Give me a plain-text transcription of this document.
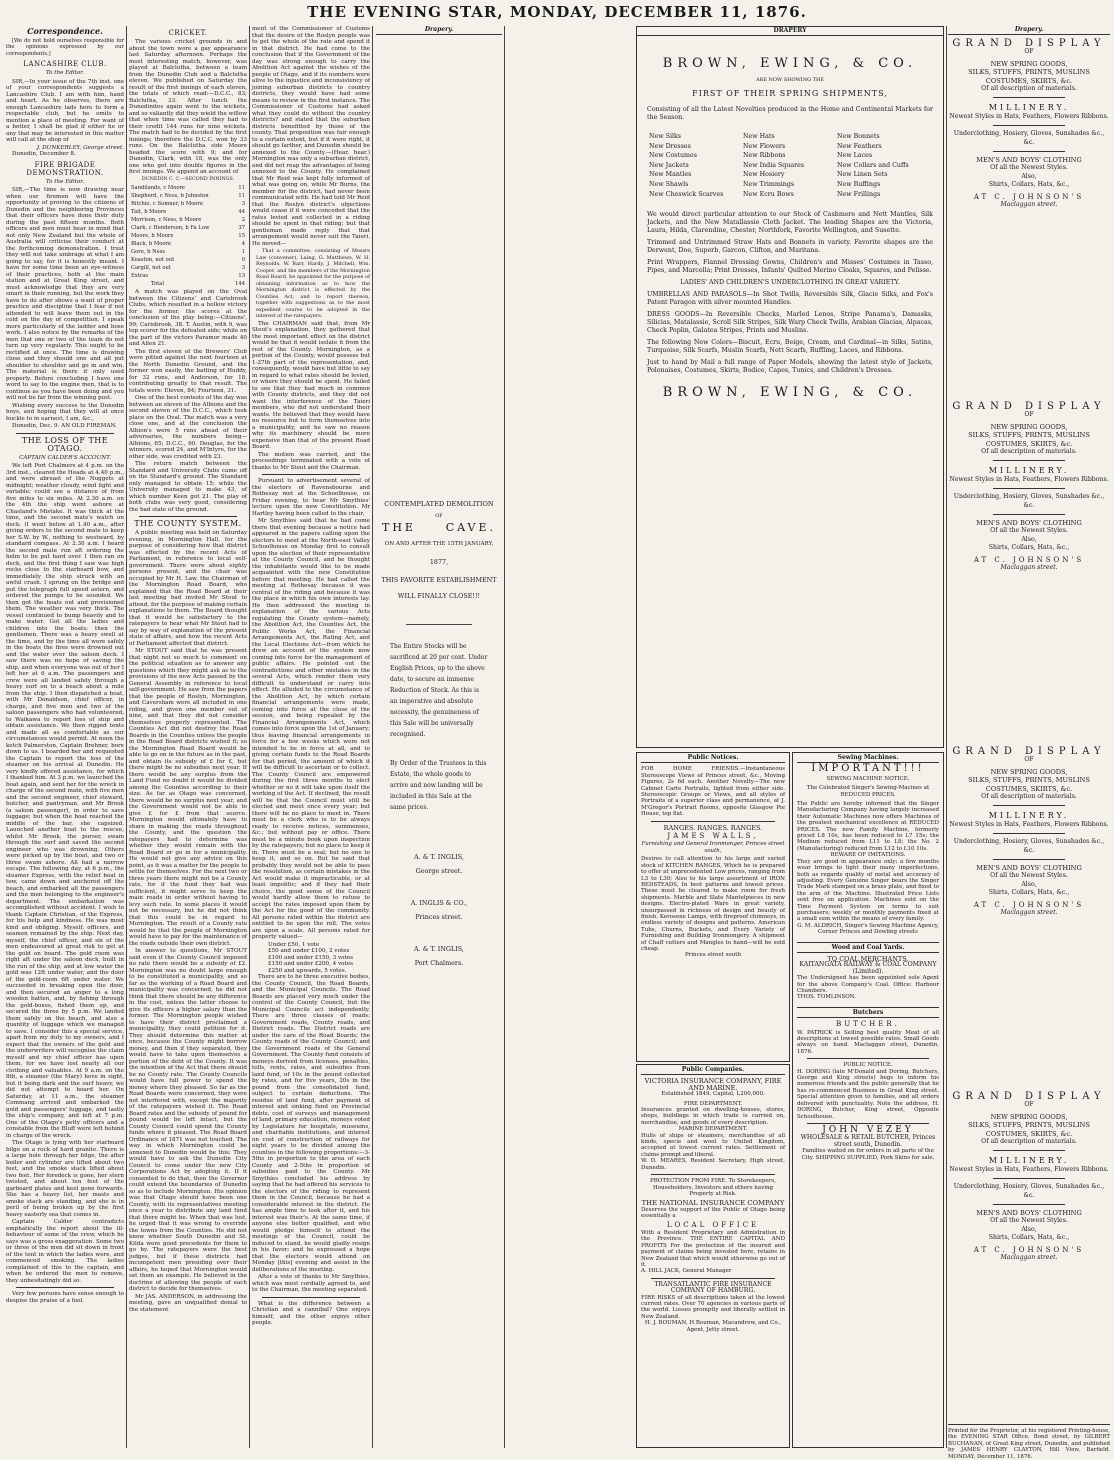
THE EVENING STAR, MONDAY, DECEMBER 11, 1876.
Correspondence.

[We do not hold ourselves responsible for the opinions expressed by our correspondents.]

LANCASHIRE CLUB.
To the Editor.

SIR,—In your issue of the 7th inst. one of your correspondents suggests a Lancashire Club. I am with him, hand and heart. As he observes, there are enough Lancashire lads here to form a respectable club, but he omits to mention a place of meeting. For want of a better, I shall be glad if either he or any that may be interested in this matter will call at the shop of

J. DUNKERLEY, George street.

Dunedin, December 8.

FIRE BRIGADE DEMONSTRATION.
To the Editor.

SIR,—The time is now drawing near when our firemen will have the opportunity of proving to the citizens of Dunedin and the neighboring Provinces that their officers have done their duty during the past fifteen months. Both officers and men must bear in mind that not only New Zealand but the whole of Australia will criticise their conduct at the forthcoming demonstration. I trust they will not take umbrage at what I am going to say, for it is honestly meant. I have for some time been an eye-witness of their practices, both at the main station and at Great King street, and must acknowledge that they are very smart in their running, but the work they have to do after shows a want of proper practice and discipline that I fear if not attended to will leave them out in the cold on the day of competition. I speak more particularly of the ladder and hose work. I also notice by the remarks of the men that one or two of the team do not turn up very regularly. This ought to be rectified at once. The time is drawing close and they should one and all put shoulder to shoulder and go in and win. The material is there if only used properly. Before concluding I have one word to say to the engine men, that is to continue as you have been doing and you will not be far from the winning post.

Wishing every success to the Dunedin boys, and hoping that they will at once buckle to in earnest, I am, &c.,

Dunedin, Dec. 9. AN OLD FIREMAN.

THE LOSS OF THE OTAGO.
CAPTAIN CALDER'S ACCOUNT.

We left Port Chalmers at 4 p.m. on the 3rd inst., cleared the Heads at 4.40 p.m., and were abreast of the Nuggets at midnight; weather cloudy, wind light and variable; could see a distance of from five miles to six miles. At 2.30 a.m. on the 4th the ship went ashore at Chasland's Mistake. It was thick at the time, and the second mate's watch on deck. (I went below at 1.40 a.m., after giving orders to the second mate to keep her S.W. by W., nothing to westward, by standard compass. At 2.30 a.m. I heard the second mate run aft ordering the helm to be put hard over. I then ran on deck, and the first thing I saw was high rocks close to the starboard bow, and immediately the ship struck with an awful crash. I sprung on the bridge and put the telegraph full speed astern, and ordered the pumps to be sounded. We then got the boats out and provisioned them. The weather was very thick. The vessel continued to bump heavily and to make water. Got all the ladies and children into the boats; then the gentlemen. There was a heavy swell at the time, and by the time all were safely in the boats the fires were drowned out and the water over the saloon deck. I saw there was no hope of saving the ship, and when everyone was out of her I left her at 6 a.m. The passengers and crew were all landed safely through a heavy surf on to a beach about a mile from the ship. I then dispatched a boat, with Mr Donaldson, chief officer, in charge, and five men and two of the saloon passengers who had volunteered, to Waikawa to report loss of ship and obtain assistance. We then rigged tents and made all as comfortable as our circumstances would permit. At noon the ketch Palmerston, Captain Brehner, bore down to us. I boarded her and requested the Captain to report the loss of the steamer on his arrival at Dunedin. He very kindly offered assistance, for which I thanked him. At 3 p.m. we launched the boat again, and sent her for the wreck in charge of the second mate, with five men and the second engineer, chief steward, butcher, and pantryman, and Mr Brook (a saloon passenger), in order to save luggage; but when the boat reached the middle of the bar, she capsized. Launched another boat to the rescue, whilst Mr Brook, the purser, swam through the surf and saved the second engineer who was drowning. Others were picked up by the boat, and two or three swam ashore. All had a narrow escape. The following day, at 6 p.m., the steamer Express, with the relief boat in tow, came down and anchored off the beach, and embarked all the passengers and the men belonging to the engineer's department. The embarkation was accomplished without accident. I wish to thank Captain Christian, of the Express, for his help and kindness. He was most kind and obliging. Myself, officers, and seamen remained by the ship. Next day, myself, the chief officer, and six of the men endeavored at great risk to get at the gold on board. The gold room was right aft under the saloon deck, built in the run of the ship, and at low water the gold was 12ft under water, and the door of the gold-room 6ft under water. We succeeded in breaking open the door, and then secured an anger to a long wooden batten, and, by fishing through the gold-boxes, fished them up, and secured the three by 5 p.m. We landed them safely on the beach, and also a quantity of luggage which we managed to save. I consider this a special service, apart from my duty to my owners, and I expect that the owners of the gold and the underwriters will recognise the claim myself and my chief officer has upon them, for we have lost nearly all our clothing and valuables. At 9 a.m. on the 8th, a steamer (the Mary) hove in sight, but it being dark and the surf heavy, we did not attempt to board her. On Saturday, at 11 a.m., the steamer Commang arrived and embarked the gold and passengers' luggage, and lastly the ship's company, and left at 7 p.m. One of the Otago's petty officers and a constable from the Bluff were left behind in charge of the wreck.

The Otago is lying with her starboard bilge on a rock of hard granite. There is a large hole through her bilge, the after boiler and cylinder are lifted about two feet, and the smoke stack lifted about two feet. Her foredeck is gone, her stern twisted, and about ten feet of the garboard plates and keel gone forwards. She has a heavy list, her masts and smoke stack are standing, and she is in peril of being broken up by the first heavy easterly sea that comes in.

Captain Calder contradicts emphatically the report about the ill-behaviour of some of the crew, which he says was a gross exaggeration. Some two or three of the men did sit down in front of the tent in which the ladies were, and commenced smoking. The ladies complained of this to the captain, and when he ordered the men to remove, they unhesitatingly did so.

Very few persons have sense enough to despise the praise of a fool.

CRICKET.

The various cricket grounds in and about the town wore a gay appearance last Saturday afternoon. Perhaps the most interesting match, however, was played at Balclutha, between a team from the Dunedin Club and a Balclutha eleven. We published on Saturday the result of the first innings of each eleven, the totals of which read:—D.C.C., 83; Balclutha, 33. After lunch the Dunedinites again went to the wickets, and so valiantly did they wield the willow that when time was called they had to their credit 144 runs for nine wickets. The match had to be decided by the first innings; therefore the D.C.C. won by 33 runs. On the Balclutha side Moore headed the score with 9; and for Dunedin, Clark, with 18, was the only one who got into double figures in the first innings. We append an account of

DUNEDIN C. C.—SECOND INNINGS.
Sandilands, c Moore	11
Shepherd, c Ness, b Johnston	11
Ritchie, c Sumner, b Moore	3
Tait, b Moore	44
Morrison, c Ness, b Moore	2
Clark, c Henderson, b Fa Low	37
Moore, b Moore	15
Black, b Moore	4
Gore, b Ness	1
Keaston, not out	0
Cargill, not out	3
Extras	13
Total	144

A match was played on the Oval between the Citizens' and Carisbrook Clubs, which resulted in a hollow victory for the former, the scores at the conclusion of the play being:—Citizens', 99; Carisbrook, 38. T. Austin, with 9, was top scorer for the defeated side; while on the part of the victors Paramor made 40 and Allen 21.

The first eleven of the Brewers' Club were pitted against the next fourteen at the North Dunedin Ground, and the former won easily, the batting of Huddy, for 32 runs, and Anderson, for 18, contributing greatly to that result. The totals were: Eleven, 84; Fourteen, 31.

One of the best contests of the day was between an eleven of the Albions and the second eleven of the D.C.C., which took place on the Oval. The match was a very close one, and at the conclusion the Albion's were 5 runs ahead of their adversaries, the numbers being—Albions, 65; D.C.C., 60. Douglas, for the winners, scored 24, and M'Intyre, for the other side, was credited with 23.

The return match between the Standard and University Clubs came off on the Standard's ground. The Standard only managed to obtain 15; while the University managed to make 43, of which number Keen got 21. The play of both clubs was very good, considering the bad state of the ground.

THE COUNTY SYSTEM.

A public meeting was held on Saturday evening, in Mornington Hall, for the purpose of considering how that district was effected by the recent Acts of Parliament, in reference to local self-government. There were about eighty persons present, and the chair was occupied by Mr H. Law, the Chairman of the Mornington Road Board, who explained that the Road Board at their last meeting had invited Mr Stout to attend, for the purpose of making certain explanations to them. The Board thought that it would be satisfactory to the ratepayers to hear what Mr Stout had to say by way of explanation of the present state of affairs, and how the recent Acts of Parliament affected that district.

Mr STOUT said that he was present that night not so much to comment on the political situation as to answer any questions which they might ask as to the provisions of the new Acts passed by the General Assembly in reference to local self-government. He saw from the papers that the people of Roslyn, Mornington, and Caversham were all included in one riding, and given one member out of nine, and that they did not consider themselves properly represented. The Counties Act did not destroy the Road Boards in the Counties unless the people in the Road Board districts wished it; so the Mornington Road Board would be able to go on in the future as in the past, and obtain its subsidy of £ for £, but there might be no subsidies next year. If there would be any surplus from the Land Fund no doubt it would be divided among the Counties according to their size. As far as Otago was concerned, there would be no surplus next year, and the Government would not be able to give £ for £ from that source. Mornington would ultimately have to share in making the roads throughout the County, and the question the ratepayers had to determine was whether they would remain with the Road Board or go in for a municipality. He would not give any advice on this point, as it was a matter for the people to settle for themselves. For the next two or three years there might not be a County rate, for if the fund they had was sufficient, it might serve to keep the main roads in order without having to levy such rate. In some places it would not be necessary, but he did not think that this could be in regard to Mornington. The result of a County rate would be that the people of Mornington would have to pay for the maintenance of the roads outside their own district.

In answer to questions, Mr STOUT said even if the County Council imposed no rate there would be a subsidy of £2. Mornington was no doubt large enough to be constituted a municipality, and so far as the working of a Road Board and municipality was concerned, he did not think that there should be any difference in the cost, unless the latter choose to give its officers a higher salary than the former. The Mornington people wished to have their district proclaimed a municipality, they could petition for it. They should determine this matter at once, because the County might borrow money, and then if they separated, they would have to take upon themselves a portion of the debt of the County. It was the intention of the Act that there should be no County rate. The County Councils would have full power to spend the money where they pleased. So far as the Road Boards were concerned, they were not interfered with, except the majority of the ratepayers wished it. The Road Board rates and the subsidy of pound for pound would be left intact, but the County Council could spend the County funds where it pleased. The Road Board Ordinance of 1871 was not touched. The way in which Mornington could be annexed to Dunedin would be this: They would have to ask the Dunedin City Council to come under the new City Corporations Act by adopting it. If it consented to do that, then the Governor could extend the boundaries of Dunedin so as to include Mornington. His opinion was that Otago should have been one County, with its representatives meeting once a year to distribute any land fund that there might be. When that was lost, he urged that it was wrong to override the towns from the Counties. He did not know whether South Dunedin and St. Kilda were good precedents for them to go by. The ratepayers were the best judges, but if these districts had incompetent men presiding over their affairs, he hoped that Mornington would set them an example. He believed in the doctrine of allowing the people of each district to decide for themselves.

Mr JAS. ANDERSON, in addressing the meeting, gave an unqualified denial to the statement

ment of the Commissioner of Customs that the desire of the Roslyn people was to get the whole of the rate and spend it in that district. He had come to the conclusion that if the Government of the day was strong enough to carry the Abolition Act against the wishes of the people of Otago, and if its numbers were alive to the injustice and inconsistency of joining suburban districts to country districts, they would have had some means to review in the first instance. The Commissioner of Customs had asked what they could do without the country districts? and stated that the suburban districts benefitted by those of the county. That proposition was fair enough to a certain extent, but if it were right, it should go farther, and Dunedin should be annexed to the County.—(Hear, hear.) Mornington was only a suburban district, and did not reap the advantages of being annexed to the County. He complained that Mr Reid was kept fully informed of what was going on, while Mr Burns, the member for the district, had never been communicated with. He had told Mr Reid that the Roslyn district's objections would cease if it were conceded that the rates levied and collected in a riding should be spent in that riding; but that gentleman made reply that that arrangement would never suit the Taieri. He moved—

That a committee, consisting of Messrs Law (convener), Laing, G. Matthews, W. H. Reynolds, W. Barr, Hardy, J. Mitchell, Wm. Cooper, and the members of the Mornington Road Board, be appointed for the purpose of obtaining information as to how the Mornington district is effected by the Counties Act, and to report thereon, together with suggestions as to the most expedient course to be adopted in the interest of the ratepayers.

The CHAIRMAN said that, from Mr Stout's explanation, they gathered that the most important effect on the district would be that it would isolate it from the rest of the County. Mornington, as a portion of the County, would possess but 1-27th part of the representation, and, consequently, would have but little to say in regard to what rates should be levied, or where they should be spent. He failed to see that they had much in common with County districts, and they did not want the interference of the Taieri members, who did not understand their wants. He believed that they would have no resource but to form themselves into a municipality, and he saw no reason why its machinery should be more expensive than that of the present Road Board.

The motion was carried, and the proceedings terminated with a vote of thanks to Mr Stout and the Chairman.

Pursuant to advertisement several of the electors of Ravensbourne and Rothesay met at the Schoolhouse, on Friday evening, to hear Mr Smythies' lecture upon the new Constitution. Mr Hartley having been called to the chair,

Mr Smythies said that he had come there that evening because a notice had appeared in the papers calling upon the electors to meet at the North-east Valley Schoolhouse on Monday first to consult upon the election of their representative at the County Council, and he thought the inhabitants would like to be made acquainted with the new Constitution before that meeting. He had called the meeting at Rothesay because it was central of the riding and because it was the place in which his own interests lay. He then addressed the meeting in explanation of the various Acts regulating the County system—namely, the Abolition Act, the Counties Act, the Public Works Act, the Financial Arrangements Act, the Rating Act, and the Local Elections Act—from which he drew an account of the system now coming into force for the management of public affairs. He pointed out the contradictions and other mistakes in the several Acts, which render them very difficult to understand or carry into effect. He alluded to the circumstance of the Abolition Act, by which certain financial arrangements were made, coming into force at the close of the session, and being repealed by the Financial Arrangements Act, which comes into force upon the 1st of January; thus leaving financial arrangements in force for a few weeks which were not intended to be in force at all, and to giving certain funds to the Road Boards for that period, the amount of which it will be difficult to ascertain or to collect. The County Council are empowered during the first three months to elect whether or no it will take upon itself the working of the Act. If declined, the result will be that the Council must still be elected and meet once every year; but there will be no place to meet in. There must be a clerk who is to be always ready to receive notices, summonses, &c.; but without pay or office. There must be a minute book upon inspection by the ratepayers; but no place to keep it in. There must be a seal; but no one to keep it, and so on. But he said that probably they would not be able to pass the resolution, as certain mistakes in the Act would make it impracticable, or at least impolitic; and if they had their choice, the good sense of the Council would hardly allow them to refuse to accept the rates imposed upon them by the Act for the good of the community. All persons rated within the district are entitled to be upon the roll. The votes are upon a scale. All persons rated for property valued—

Under £50, 1 vote
£50 and under £100, 2 votes
£100 and under £150, 3 votes
£150 and under £200, 4 votes
£250 and upwards, 5 votes.

There are to be three executive bodies, the County Council, the Road Boards, and the Municipal Councils. The Road Boards are placed very much under the control of the County Council, but the Municipal Councils act independently. There are three classes of roads: Government roads, County roads, and District roads. The District roads are under the care of the Road Boards; the County roads of the County Council; and the Government roads of the General Government. The County fund consists of moneys derived from licenses, penalties, tolls, rents, rates, and subsidies from land fund, of 10s in the pound collected by rates, and for five years, 20s in the pound from the consolidated fund, subject to certain deductions. The residue of land fund, after payment of interest and sinking fund on Provincial debts, cost of surveys and management of land, primary education, moneys voted by Legislature for hospitals, museums, and charitable institutions, and interest on cost of construction of railways for eight years to be divided among the counties in the following proportions:—3-5ths in proportion to the area of each County and 2-5ths in proportion of subsidies paid to the County. Mr Smythies concluded his address by saying that he had offered his services to the electors of the riding to represent them in the Council, because he had a considerable interest in the district. He has ample time to look after it, and his interest was their's. At the same time, if anyone else better qualified, and who would pledge himself to attend the meetings of the Council, could be induced to stand, he would gladly resign in his favor; and he expressed a hope that the electors would attend on Monday [this] evening and assist in the deliberations of the meeting.

After a vote of thanks to Mr Smythies, which was most cordially agreed to, and to the Chairman, the meeting separated.

What is the difference between a Christian and a cannibal? One enjoys himself, and the other enjoys other people.

Drapery.
CONTEMPLATED DEMOLITION
OF
THE	CAVE.
ON AND AFTER THE 15TH JANUARY,
1877,
THIS FAVORITE ESTABLISHMENT
WILL FINALLY CLOSE!!!

The Entire Stocks will be sacrificed at 20 per cent. Under English Prices, up to the above date, to secure an immense Reduction of Stock. As this is an imperative and absolute necessity, the genuineness of this Sale will be universally recognised.

By Order of the Trustees in this Estate, the whole goods to arrive and now landing will be included in this Sale at the same prices.

A. & T. INGLIS,
George street.
A. INGLIS & CO.,
Princes street.
A. & T. INGLIS,
Port Chalmers.
DRAPERY
BROWN, EWING, & CO.
ARE NOW SHOWING THE
FIRST OF THEIR SPRING SHIPMENTS,

Consisting of all the Latest Novelties produced in the Home and Continental Markets for the Season.

New Silks	New Hats	New Bonnets
New Dresses	New Flowers	New Feathers
New Costumes	New Ribbons	New Laces
New Jackets	New India Squares	New Collars and Cuffs
New Mantles	New Hosiery	New Linen Sets
New Shawls	New Trimmings	New Ruffings
New Cheswick Scarves	New Ecru Bows	New Frillings

We would direct particular attention to our Stock of Cashmere and Nett Mantles, Silk Jackets, and the New Matallassie Cloth Jacket. The leading Shapes are the Victoria, Laura, Hilda, Clarendine, Chester, Northfork, Favorite Wellington, and Susette.

Trimmed and Untrimmed Straw Hats and Bonnets in variety. Favorite shapes are the Derwent, Doe, Superb, Garcon, Clifton, and Maritana.

Print Wrappers, Flannel Dressing Gowns, Children's and Misses' Costumes in Tasso, Pipes, and Marcella; Print Dresses, Infants' Quilted Merino Cloaks, Squares, and Pelisse.

LADIES' AND CHILDREN'S UNDERCLOTHING IN GREAT VARIETY.

UMBRELLAS AND PARASOLS—In Shot Twills, Reversible Silk, Glacie Silks, and Fox's Patent Paragon with silver mounted Handles.

DRESS GOODS—In Reversible Checks, Marled Lenos, Stripe Panama's, Damasks, Silicias, Matalassie, Scroll Silk Stripes, Silk Warp Check Twills, Arabian Glacias, Alpacas, Check Poplin, Galatea Stripes, Prints and Muslins.

The following New Colors—Biscuit, Ecru, Beige, Cream, and Cardinal—in Silks, Satins, Turquoise, Silk Scarfs, Muslin Scarfs, Nett Scarfs, Ruffling, Laces, and Ribbons.

Just to hand by Mail a full range of Paper Models, showing the latest style of Jackets, Polonaises, Costumes, Skirts, Bodice, Capes, Tunics, and Children's Dresses.

BROWN, EWING, & CO.
Public Notices.

FOR HOME FRIENDS.—Instantaneous Stereoscope Views of Princes street, &c., Moving Figures, 2s 6d each. Another Novelty—The new Cabinet Carte Portraits, lighted from either side. Stereoscopic Groups or Views, and all styles of Portraits of a superior class and permanence, at J. M'Gregor's Portrait Rooms, opposite Glasgow Pie House, top flat.

RANGES. RANGES. RANGES.
JAMES WALLS,
Furnishing and General Ironmonger, Princes street south,

Desires to call attention to his large and varied stock of KITCHEN RANGES, Which he is prepared to offer at unprecedented Low prices, ranging from L3 to L30; Also to his large assortment of IRON BEDSTEADS, In best patterns and lowest prices. These must be cleared to make room for fresh shipments. Marble and Slate Mantelpieces in new designs. Electro-plated Ware in great variety, unsurpassed in richness of design and beauty of finish. Kerosene Lamps, with fireproof chimneys, in endless variety of designs and patterns. American Tubs, Churns, Buckets, and Every Variety of Furnishing and Building Ironmongery. A shipment of Chaff cutters and Mangles to hand—will be sold cheap.

Princes street south
Public Companies.
VICTORIA INSURANCE COMPANY, FIRE AND MARINE.
Established 1849. Capital, L200,000.
FIRE DEPARTMENT.

Insurances granted on dwelling-houses, stores, shops, buildings in which trade is carried on, merchandise, and goods of every description.

MARINE DEPARTMENT.

Hulls of ships or steamers, merchandise of all kinds, specie and wool to United Kingdom, accepted at lowest current rates. Settlement of claims prompt and liberal.

W. D. MEARES, Resident Secretary, High street, Dunedin.
PROTECTION FROM FIRE. To Storekeepers, Householders, Investors and others having Property at Risk.
THE NATIONAL INSURANCE COMPANY

Deserves the support of the Public of Otago being essentially a

LOCAL OFFICE

With a Resident Proprietary and Admistration in the Province. THE ENTIRE CAPITAL AND PROFITS For the protection of the insured and payment of claims being invested here, retains in New Zealand that which would otherwise go out of it.

A. HILL JACK, General Manager
TRANSATLANTIC FIRE INSURANCE COMPANY OF HAMBURG.

FIRE RISKS of all descriptions taken at the lowest current rates. Over 70 agencies in various parts of the world. Losses promptly and liberally settled in New Zealand.

H. J. BOUMAN, H Bouman, Macandrew, and Co., Agent, Jetty street.
Sewing Machines.
IMPORTANT!!!
SEWING MACHINE NOTICE.
The Celebrated Singer's Sewing-Macines at REDUCED PRICES.

The Public are hereby informed that the Singer Manufacturing Company having largely increased their Automatic Machines now offers Machines of the greatest mechanical excellence at REDUCED PRICES. The new Family Machine, formerly priced L8 10s, has been reduced to L7 15s; the Medium reduced from L11 to L8; the No. 2 (Manufacturing) reduced from L12 to L10 10s.

BEWARE OF IMITATIONS.

They are good in appearance only; a few months wear brings to light their many imperfections, both as regards quality of metal and accuracy of adjusting. Every Genuine Singer bears the Singer Trade Mark stamped on a brass plate, and fixed to the arm of the Machine. Illustrated Price Lists sent free on application. Machines sold on the Time Payment System on terms to suit purchasers; weekly or monthly payments fixed at a small sum within the means of every family.

G. M. ALDRICH, Singer's Sewing Machine Agency, Corner Princes and Dowling streets
Wood and Coal Yards.
TO COAL MERCHANTS.
KAITANGATA RAILWAY & COAL COMPANY (Limited).

The Undersigned has been appointed sole Agent for the above Company's Coal. Office: Harbour Chambers.

THOS. TOMLINSON.
Butchers
BUTCHER.

W. PATRICK is Selling best quality Meat of all descriptions at lowest possible rates. Small Goods always on hand. Maclaggan street, Dunedin, 1876.

PUBLIC NOTICE.

H. DORING (late M'Donald and Doring, Butchers, George and King streets) begs to inform his numerous friends and the public generally that he has re-commenced Business in Great King street. Special attention given to families, and all orders delivered with punctuality. Note the address, H. DORING, Butcher, King street, Opposite Schoolhouse.

JOHN VEZEY
WHOLESALE & RETAIL BUTCHER, Princes street south, Dunedin.

Families waited on for orders in all parts of the City. SHIPPING SUPPLIED, Pork Skins for sale.

Drapery.
GRAND DISPLAY
OF
NEW SPRING GOODS,
SILKS, STUFFS, PRINTS, MUSLINS
COSTUMES, SKIRTS, &c.
Of all description of materials.
MILLINERY.
Newest Styles in Hats, Feathers, Flowers Ribbons.
Underclothing, Hosiery, Gloves, Sunshades &c., &c.
MEN'S AND BOYS' CLOTHING
Of all the Newest Styles.
Also,
Shirts, Collars, Hats, &c.,
AT C. JOHNSON'S
Maclaggan street.
GRAND DISPLAY
OF
NEW SPRING GOODS,
SILKS, STUFFS, PRINTS, MUSLINS
COSTUMES, SKIRTS, &c.
Of all description of materials.
MILLINERY.
Newest Styles in Hats, Feathers, Flowers Ribbons.
Underclothing, Hosiery, Gloves, Sunshades &c., &c.
MEN'S AND BOYS' CLOTHING
Of all the Newest Styles.
Also,
Shirts, Collars, Hats, &c.,
AT C. JOHNSON'S
Maclaggan street.
GRAND DISPLAY
OF
NEW SPRING GOODS,
SILKS, STUFFS, PRINTS, MUSLINS
COSTUMES, SKIRTS, &c.
Of all description of materials.
MILLINERY.
Newest Styles in Hats, Feathers, Flowers Ribbons.
Underclothing, Hosiery, Gloves, Sunshades &c., &c.
MEN'S AND BOYS' CLOTHING
Of all the Newest Styles.
Also,
Shirts, Collars, Hats, &c.,
AT C. JOHNSON'S
Maclaggan street.
GRAND DISPLAY
OF
NEW SPRING GOODS,
SILKS, STUFFS, PRINTS, MUSLINS
COSTUMES, SKIRTS, &c.
Of all description of materials.
MILLINERY.
Newest Styles in Hats, Feathers, Flowers Ribbons.
Underclothing, Hosiery, Gloves, Sunshades &c., &c.
MEN'S AND BOYS' CLOTHING
Of all the Newest Styles.
Also,
Shirts, Collars, Hats, &c.,
AT C. JOHNSON'S
Maclaggan street.
Printed for the Proprietor, at his registered Printing-house, the EVENING STAR Office, Bond street, by GILBERT BUCHANAN, of Great King street, Dunedin, and published by JAMES HENRY CLAYTON, Hill View, Barfield. MONDAY, December 11, 1876.
